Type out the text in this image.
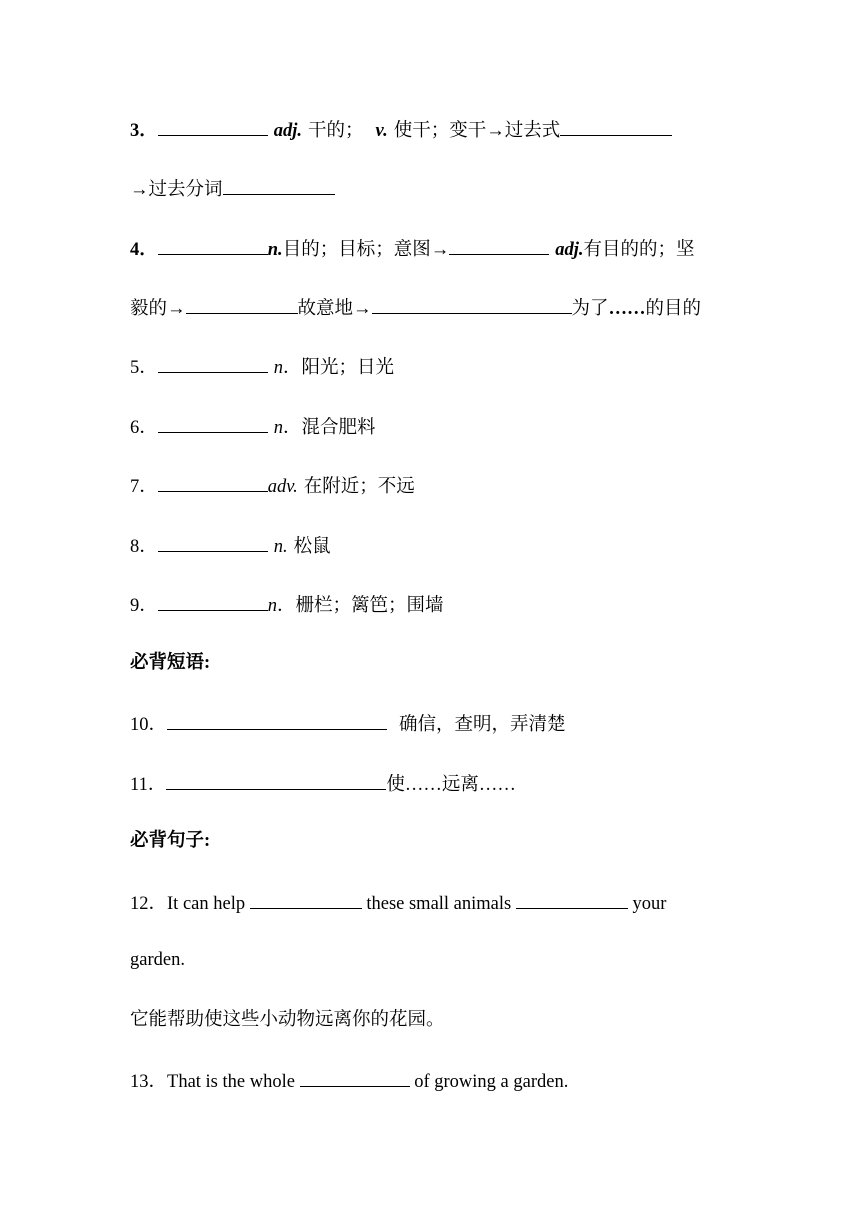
3．	adj. 干的； v. 使干；变干→过去式
→过去分词
4．	n.目的；目标；意图→	adj.有目的的；坚
毅的→	故意地→	为了……的目的
5．	n．阳光；日光
6．	n．混合肥料
7．	adv. 在附近；不远
8．	n. 松鼠
9．	n．栅栏；篱笆；围墙
必背短语:
10．	确信，查明，弄清楚
11．	使……远离……
必背句子:
12．It can help	these small animals	your
garden.
它能帮助使这些小动物远离你的花园。
13．That is the whole	of growing a garden.
